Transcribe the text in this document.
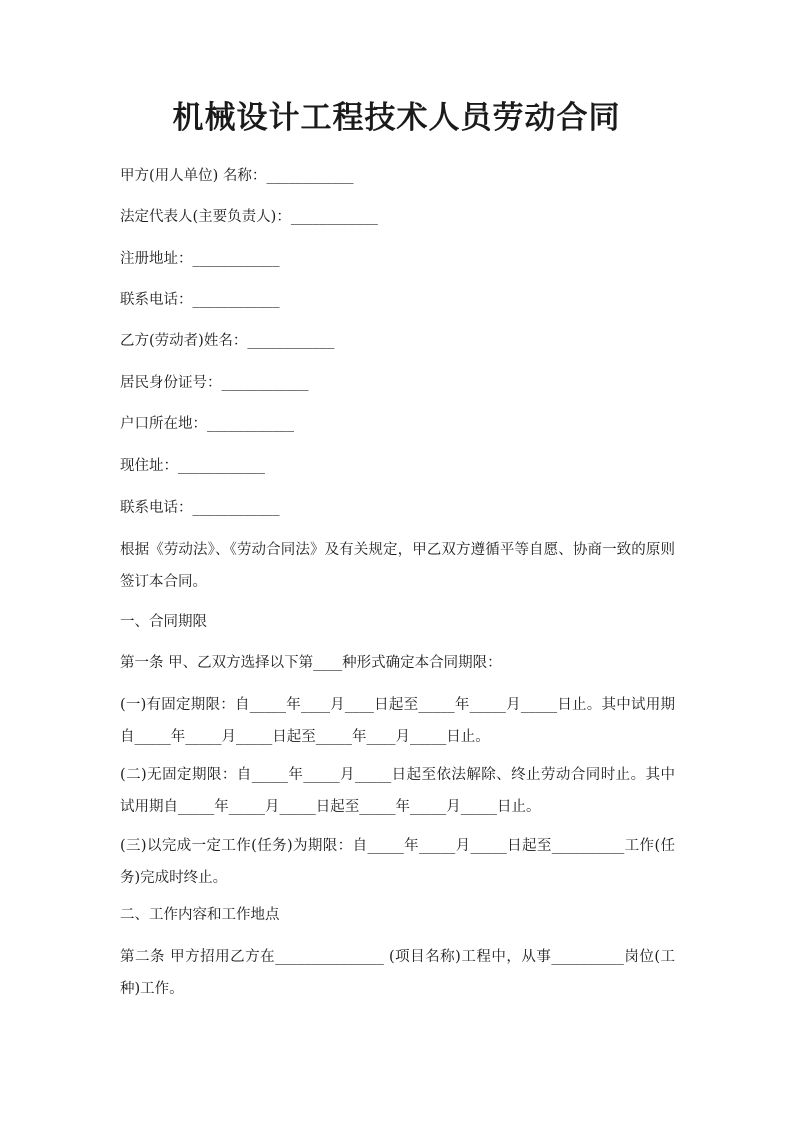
机械设计工程技术人员劳动合同
甲方(用人单位) 名称：____________
法定代表人(主要负责人)：____________
注册地址：____________
联系电话：____________
乙方(劳动者)姓名：____________
居民身份证号：____________
户口所在地：____________
现住址：____________
联系电话：____________
根据《劳动法》、《劳动合同法》及有关规定，甲乙双方遵循平等自愿、协商一致的原则签订本合同。
一、合同期限
第一条 甲、乙双方选择以下第____种形式确定本合同期限：
(一)有固定期限：自_____年____月____日起至_____年_____月_____日止。其中试用期自_____年_____月_____日起至_____年____月_____日止。
(二)无固定期限：自_____年_____月_____日起至依法解除、终止劳动合同时止。其中试用期自_____年_____月_____日起至_____年_____月_____日止。
(三)以完成一定工作(任务)为期限：自_____年_____月_____日起至__________工作(任务)完成时终止。
二、工作内容和工作地点
第二条 甲方招用乙方在_______________ (项目名称)工程中，从事__________岗位(工种)工作。
